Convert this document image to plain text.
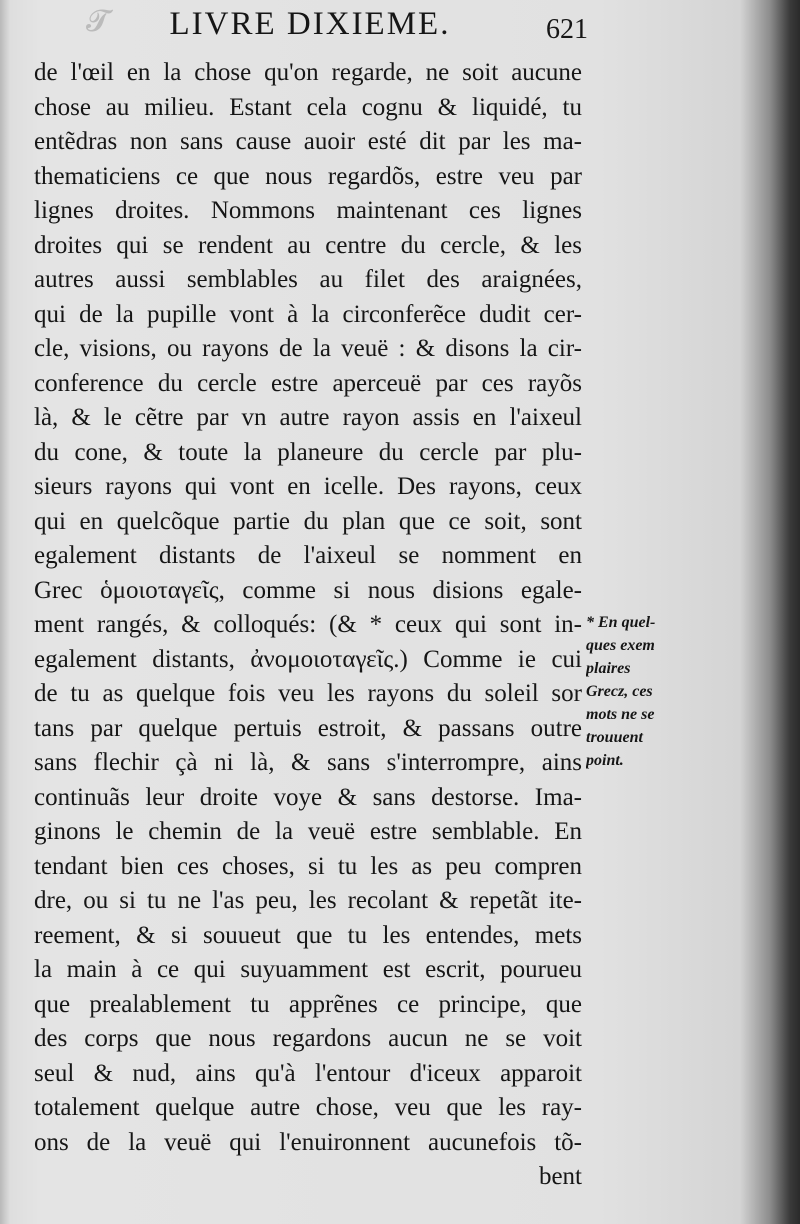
𝓣	LIVRE DIXIEME.	621
de l'œil en la chose qu'on regarde, ne soit aucune
chose au milieu. Estant cela cognu & liquidé, tu
entẽdras non sans cause auoir esté dit par les ma-
thematiciens ce que nous regardõs, estre veu par
lignes droites. Nommons maintenant ces lignes
droites qui se rendent au centre du cercle, & les
autres aussi semblables au filet des araignées,
qui de la pupille vont à la circonferẽce dudit cer-
cle, visions, ou rayons de la veuë : & disons la cir-
conference du cercle estre aperceuë par ces rayõs
là, & le cẽtre par vn autre rayon assis en l'aixeul
du cone, & toute la planeure du cercle par plu-
sieurs rayons qui vont en icelle. Des rayons, ceux
qui en quelcõque partie du plan que ce soit, sont
egalement distants de l'aixeul se nomment en
Grec ὁμοιοταγεῖς, comme si nous disions egale-
ment rangés, & colloqués: (& * ceux qui sont in-
egalement distants, ἀνομοιοταγεῖς.) Comme ie cui
de tu as quelque fois veu les rayons du soleil sor
tans par quelque pertuis estroit, & passans outre
sans flechir çà ni là, & sans s'interrompre, ains
continuãs leur droite voye & sans destorse. Ima-
ginons le chemin de la veuë estre semblable. En
tendant bien ces choses, si tu les as peu compren
dre, ou si tu ne l'as peu, les recolant & repetãt ite-
reement, & si souueut que tu les entendes, mets
la main à ce qui suyuamment est escrit, pourueu
que prealablement tu apprẽnes ce principe, que
des corps que nous regardons aucun ne se voit
seul & nud, ains qu'à l'entour d'iceux apparoit
totalement quelque autre chose, veu que les ray-
ons de la veuë qui l'enuironnent aucunefois tõ-
bent
* En quel-
ques exem
plaires
Grecz, ces
mots ne se
trouuent
point.
